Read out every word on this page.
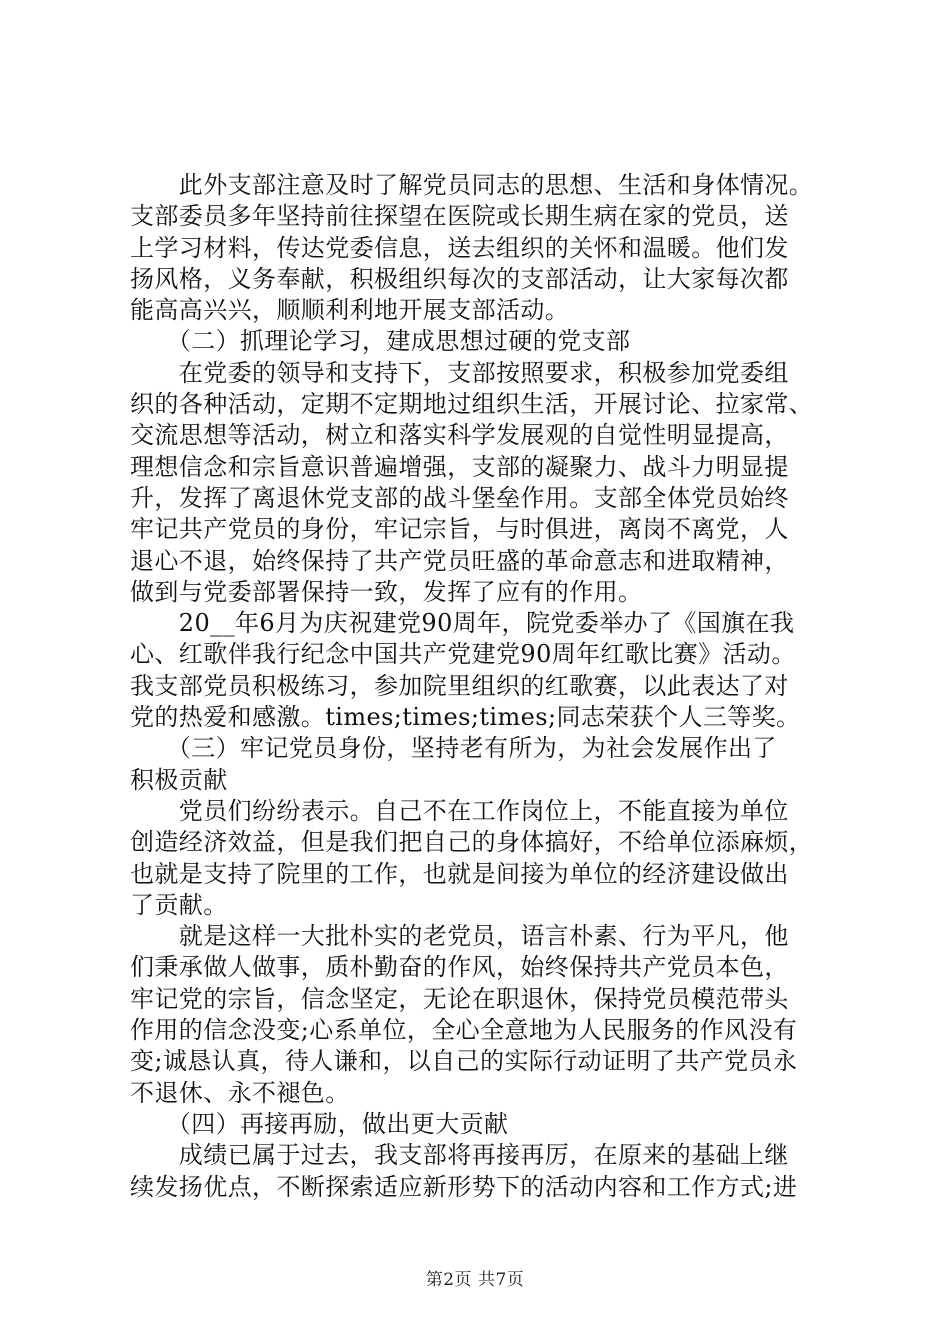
　　此外支部注意及时了解党员同志的思想、生活和身体情况。
支部委员多年坚持前往探望在医院或长期生病在家的党员，送
上学习材料，传达党委信息，送去组织的关怀和温暖。他们发
扬风格，义务奉献，积极组织每次的支部活动，让大家每次都
能高高兴兴，顺顺利利地开展支部活动。
　　（二）抓理论学习，建成思想过硬的党支部
　　在党委的领导和支持下，支部按照要求，积极参加党委组
织的各种活动，定期不定期地过组织生活，开展讨论、拉家常、
交流思想等活动，树立和落实科学发展观的自觉性明显提高，
理想信念和宗旨意识普遍增强，支部的凝聚力、战斗力明显提
升，发挥了离退休党支部的战斗堡垒作用。支部全体党员始终
牢记共产党员的身份，牢记宗旨，与时俱进，离岗不离党，人
退心不退，始终保持了共产党员旺盛的革命意志和进取精神，
做到与党委部署保持一致，发挥了应有的作用。
　　20__年6月为庆祝建党90周年，院党委举办了《国旗在我
心、红歌伴我行纪念中国共产党建党90周年红歌比赛》活动。
我支部党员积极练习，参加院里组织的红歌赛，以此表达了对
党的热爱和感激。times;times;times;同志荣获个人三等奖。
　　（三）牢记党员身份，坚持老有所为，为社会发展作出了
积极贡献
　　党员们纷纷表示。自己不在工作岗位上，不能直接为单位
创造经济效益，但是我们把自己的身体搞好，不给单位添麻烦，
也就是支持了院里的工作，也就是间接为单位的经济建设做出
了贡献。
　　就是这样一大批朴实的老党员，语言朴素、行为平凡，他
们秉承做人做事，质朴勤奋的作风，始终保持共产党员本色，
牢记党的宗旨，信念坚定，无论在职退休，保持党员模范带头
作用的信念没变;心系单位，全心全意地为人民服务的作风没有
变;诚恳认真，待人谦和，以自己的实际行动证明了共产党员永
不退休、永不褪色。
　　（四）再接再励，做出更大贡献
　　成绩已属于过去，我支部将再接再厉，在原来的基础上继
续发扬优点，不断探索适应新形势下的活动内容和工作方式;进
第2页 共7页
